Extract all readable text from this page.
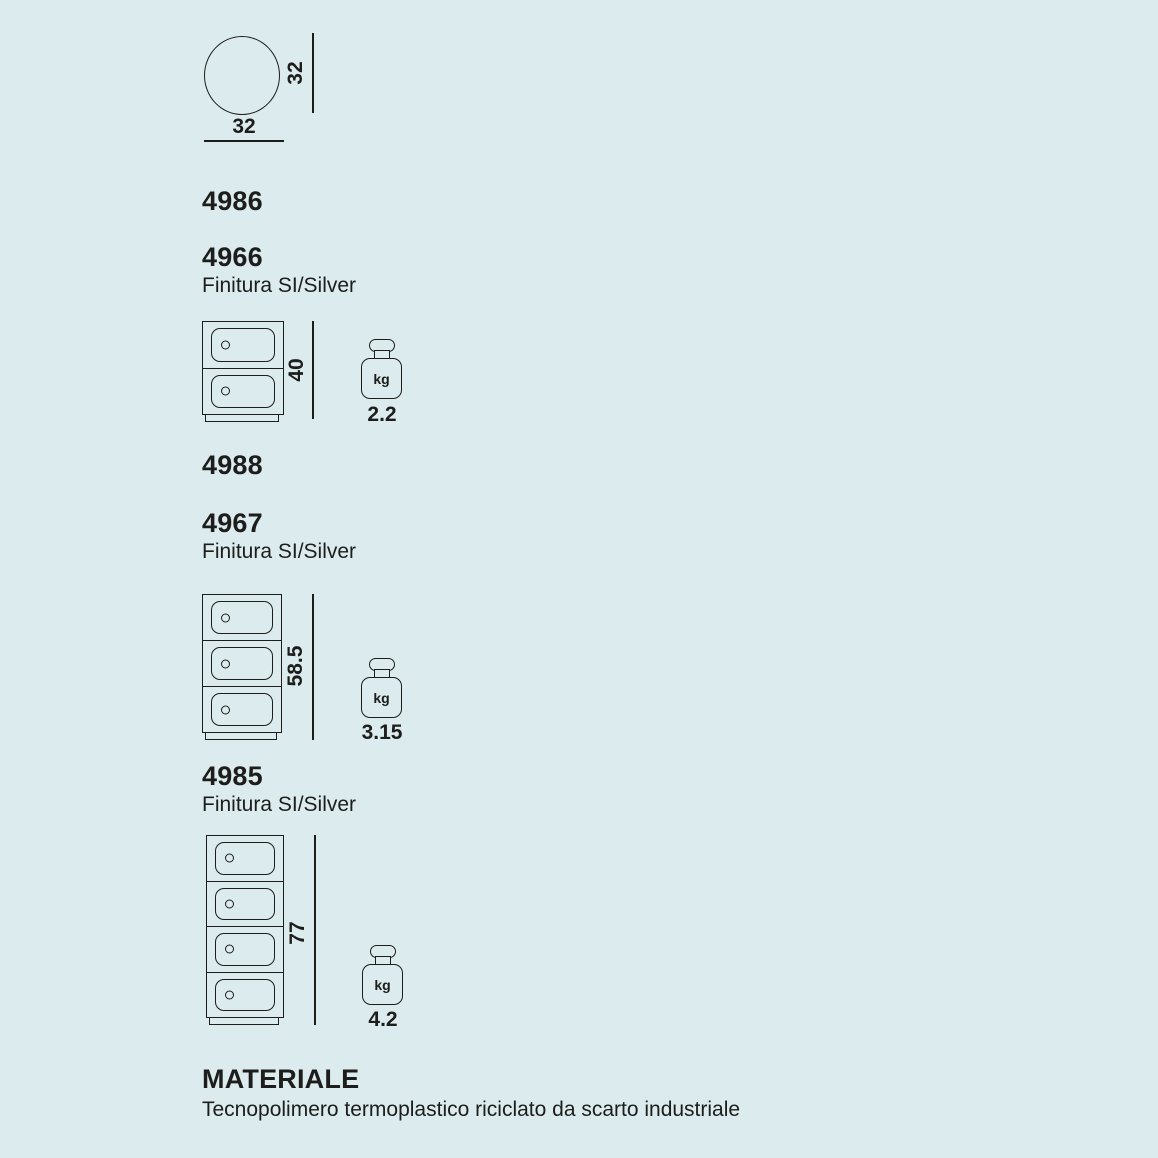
32
32
4986
4966
Finitura SI/Silver
40	kg
2.2
4988
4967
Finitura SI/Silver
58.5
kg
3.15
4985
Finitura SI/Silver
77
kg
4.2
MATERIALE
Tecnopolimero termoplastico riciclato da scarto industriale
